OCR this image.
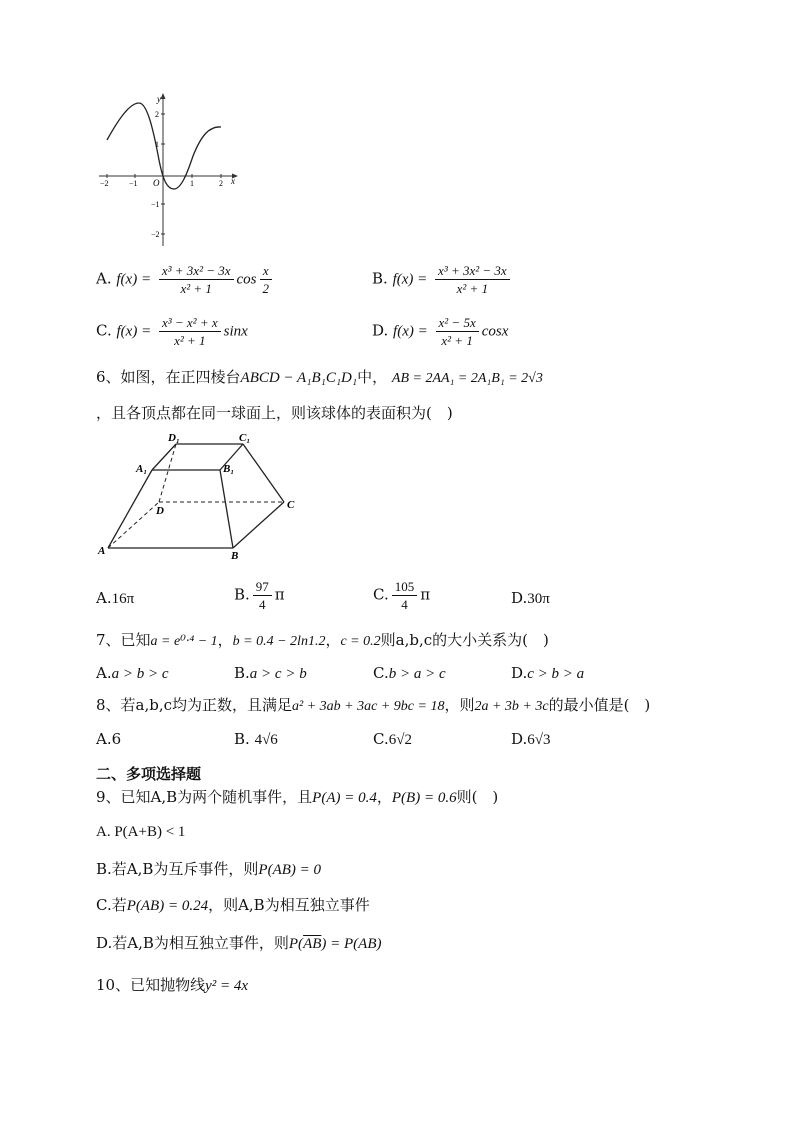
y
x
O
−2	−1	1	2
2
1
−1
−2
A. $f(x) = \frac{\text{x³ + 3x² − 3x}}{\text{x² + 1}}$ $\cos \frac{x}{2}$	B. $f(x) = \frac{\text{x³ + 3x² − 3x}}{\text{x² + 1}}$
C. $f(x) = \frac{\text{x³ − x² + x}}{\text{x² + 1}}$ sinx	D. $f(x) = \frac{\text{x² − 5x}}{\text{x² + 1}}$ cosx
6、如图，在正四棱台ABCD − A₁B₁C₁D₁中， AB = 2AA₁ = 2A₁B₁ = 2√3
，且各顶点都在同一球面上，则该球体的表面积为(　)
A	B
C
D
A₁	B₁
C₁
D₁
A.16π	B. $\frac{97}{4}$ π	C. $\frac{105}{4}$ π	D.30π
7、已知a = e⁰·⁴ − 1，b = 0.4 − 2ln1.2，c = 0.2则a,b,c的大小关系为(　)
A.a > b > c	B.a > c > b	C.b > a > c	D.c > b > a
8、若a,b,c均为正数，且满足a² + 3ab + 3ac + 9bc = 18，则2a + 3b + 3c的最小值是(　)
A.6	B. 4√6	C.6√2	D.6√3
二、多项选择题
9、已知A,B为两个随机事件，且P(A) = 0.4，P(B) = 0.6则(　)
A. P(A+B) < 1
B.若A,B为互斥事件，则P(AB) = 0
C.若P(AB) = 0.24，则A,B为相互独立事件
D.若A,B为相互独立事件，则$P(\overline{AB}) = P(AB)$
10、已知抛物线y² = 4x
